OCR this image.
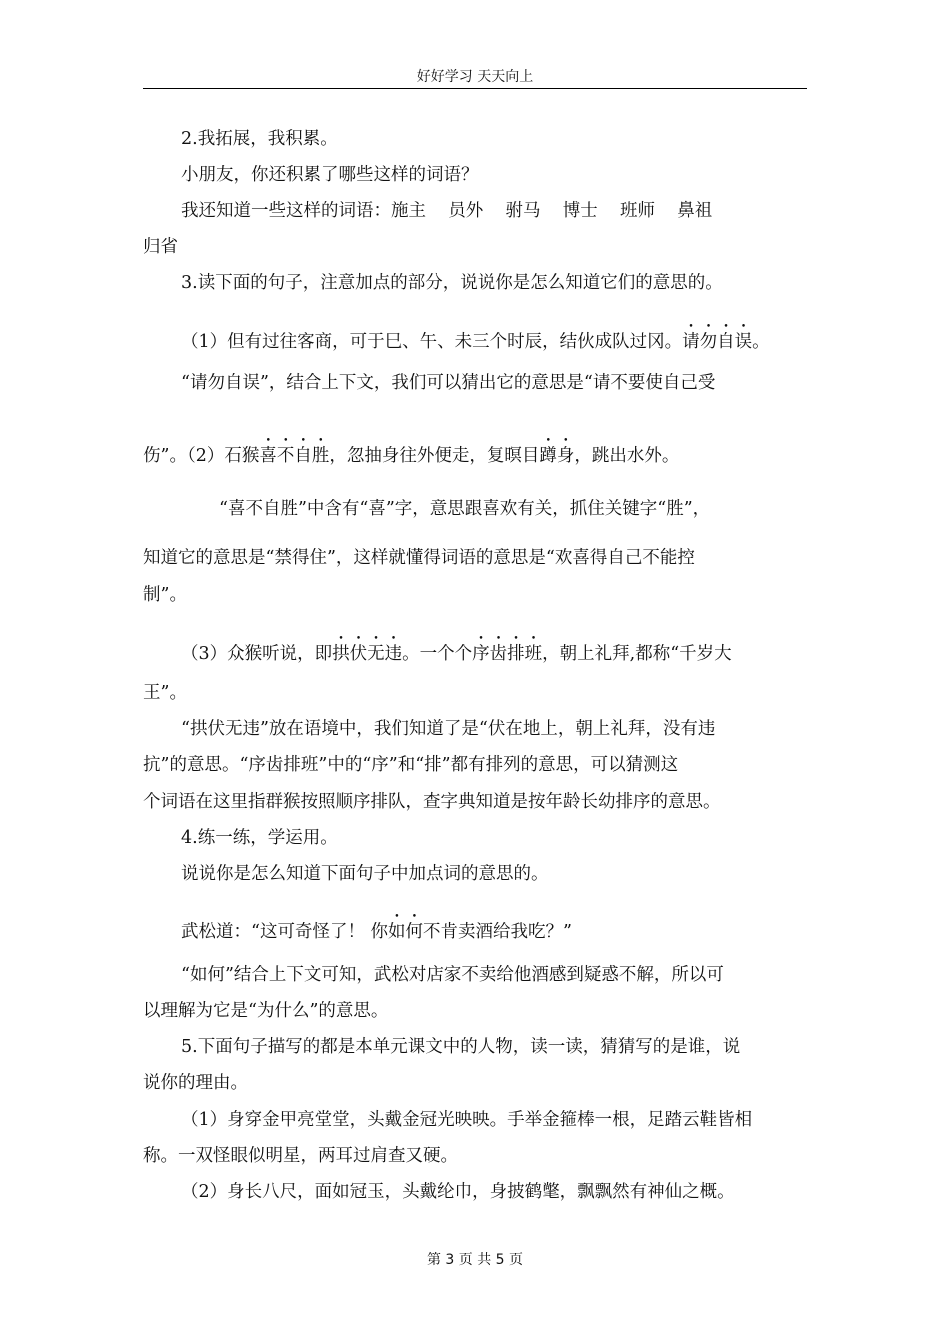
好好学习 天天向上
2.我拓展，我积累。
小朋友，你还积累了哪些这样的词语？
我还知道一些这样的词语：施主    员外    驸马    博士    班师    鼻祖
归省
3.读下面的句子，注意加点的部分，说说你是怎么知道它们的意思的。
（1）但有过往客商，可于巳、午、未三个时辰，结伙成队过冈。请勿自误。
“请勿自误”，结合上下文，我们可以猜出它的意思是“请不要使自己受
伤”。（2）石猴喜不自胜，忽抽身往外便走，复暝目蹲身，跳出水外。
“喜不自胜”中含有“喜”字，意思跟喜欢有关，抓住关键字“胜”，
知道它的意思是“禁得住”，这样就懂得词语的意思是“欢喜得自己不能控
制”。
（3）众猴听说，即拱伏无违。一个个序齿排班，朝上礼拜,都称“千岁大
王”。
“拱伏无违”放在语境中，我们知道了是“伏在地上，朝上礼拜，没有违
抗”的意思。“序齿排班”中的“序”和“排”都有排列的意思，可以猜测这
个词语在这里指群猴按照顺序排队，查字典知道是按年龄长幼排序的意思。
4.练一练，学运用。
说说你是怎么知道下面句子中加点词的意思的。
武松道：“这可奇怪了！ 你如何不肯卖酒给我吃？”
“如何”结合上下文可知，武松对店家不卖给他酒感到疑惑不解，所以可
以理解为它是“为什么”的意思。
5.下面句子描写的都是本单元课文中的人物，读一读，猜猜写的是谁，说
说你的理由。
（1）身穿金甲亮堂堂，头戴金冠光映映。手举金箍棒一根，足踏云鞋皆相
称。一双怪眼似明星，两耳过肩查又硬。
（2）身长八尺，面如冠玉，头戴纶巾，身披鹤氅，飘飘然有神仙之概。
第 3 页 共 5 页
